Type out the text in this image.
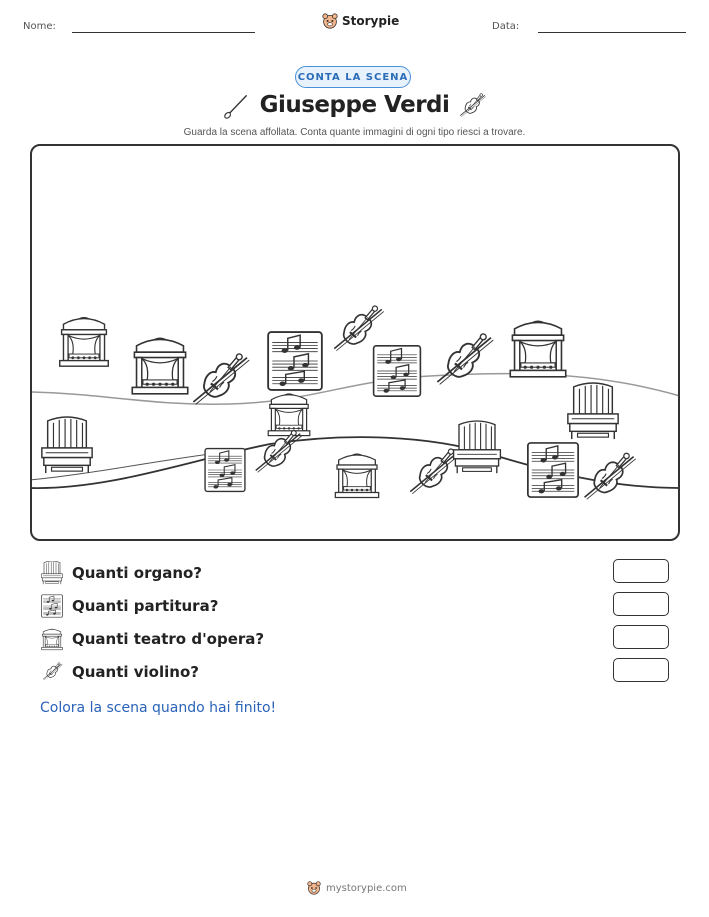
Nome:	Storypie	Data:
CONTA LA SCENA
Giuseppe Verdi
Guarda la scena affollata. Conta quante immagini di ogni tipo riesci a trovare.
Quanti organo?
Quanti partitura?
Quanti teatro d'opera?
Quanti violino?
Colora la scena quando hai finito!
mystorypie.com
